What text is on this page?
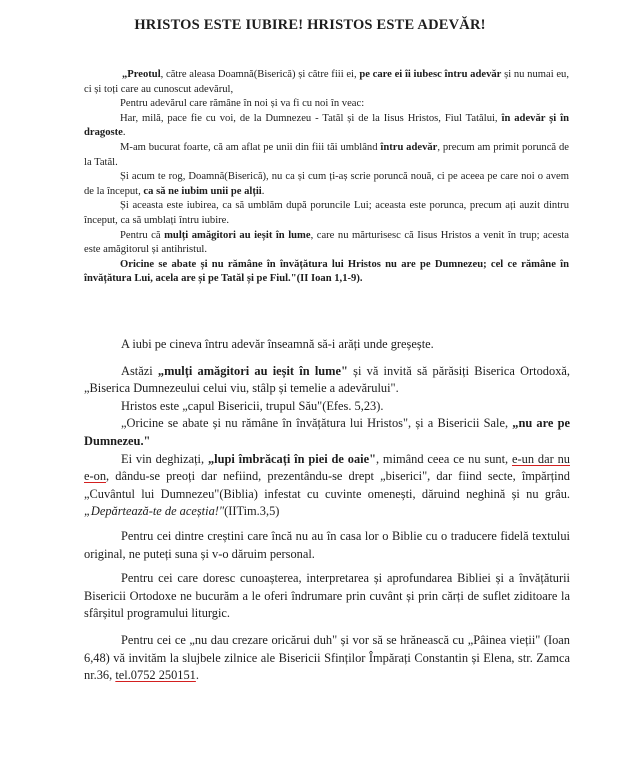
HRISTOS ESTE IUBIRE! HRISTOS ESTE ADEVĂR!

„Preotul, către aleasa Doamnă(Biserică) și către fiii ei, pe care ei îi iubesc întru adevăr și nu numai eu, ci și toți care au cunoscut adevărul,

Pentru adevărul care rămâne în noi și va fi cu noi în veac:

Har, milă, pace fie cu voi, de la Dumnezeu - Tatăl și de la Iisus Hristos, Fiul Tatălui, în adevăr și în dragoste.

M-am bucurat foarte, că am aflat pe unii din fiii tăi umblând întru adevăr, precum am primit poruncă de la Tatăl.

Și acum te rog, Doamnă(Biserică), nu ca și cum ți-aș scrie poruncă nouă, ci pe aceea pe care noi o avem de la început, ca să ne iubim unii pe alții.

Și aceasta este iubirea, ca să umblăm după poruncile Lui; aceasta este porunca, precum ați auzit dintru început, ca să umblați întru iubire.

Pentru că mulți amăgitori au ieșit în lume, care nu mărturisesc că Iisus Hristos a venit în trup; acesta este amăgitorul și antihristul.

Oricine se abate și nu rămâne în învățătura lui Hristos nu are pe Dumnezeu; cel ce rămâne în învățătura Lui, acela are și pe Tatăl și pe Fiul."(II Ioan 1,1-9).

A iubi pe cineva întru adevăr înseamnă să-i arăți unde greșește.

Astăzi „mulți amăgitori au ieșit în lume" și vă invită să părăsiți Biserica Ortodoxă, „Biserica Dumnezeului celui viu, stâlp și temelie a adevărului".

Hristos este „capul Bisericii, trupul Său"(Efes. 5,23).

„Oricine se abate și nu rămâne în învățătura lui Hristos", și a Bisericii Sale, „nu are pe Dumnezeu."

Ei vin deghizați, „lupi îmbrăcați în piei de oaie", mimând ceea ce nu sunt, e-un dar nu e-on, dându-se preoți dar nefiind, prezentându-se drept „biserici", dar fiind secte, împărțind „Cuvântul lui Dumnezeu"(Biblia) infestat cu cuvinte omenești, dăruind neghină și nu grâu. „Depărtează-te de aceștia!"(IITim.3,5)

Pentru cei dintre creștini care încă nu au în casa lor o Biblie cu o traducere fidelă textului original, ne puteți suna și v-o dăruim personal.

Pentru cei care doresc cunoașterea, interpretarea și aprofundarea Bibliei și a învățăturii Bisericii Ortodoxe ne bucurăm a le oferi îndrumare prin cuvânt și prin cărți de suflet ziditoare la sfârșitul programului liturgic.

Pentru cei ce „nu dau crezare oricărui duh" și vor să se hrănească cu „Pâinea vieții" (Ioan 6,48) vă invităm la slujbele zilnice ale Bisericii Sfinților Împărați Constantin și Elena, str. Zamca nr.36, tel.0752 250151.
